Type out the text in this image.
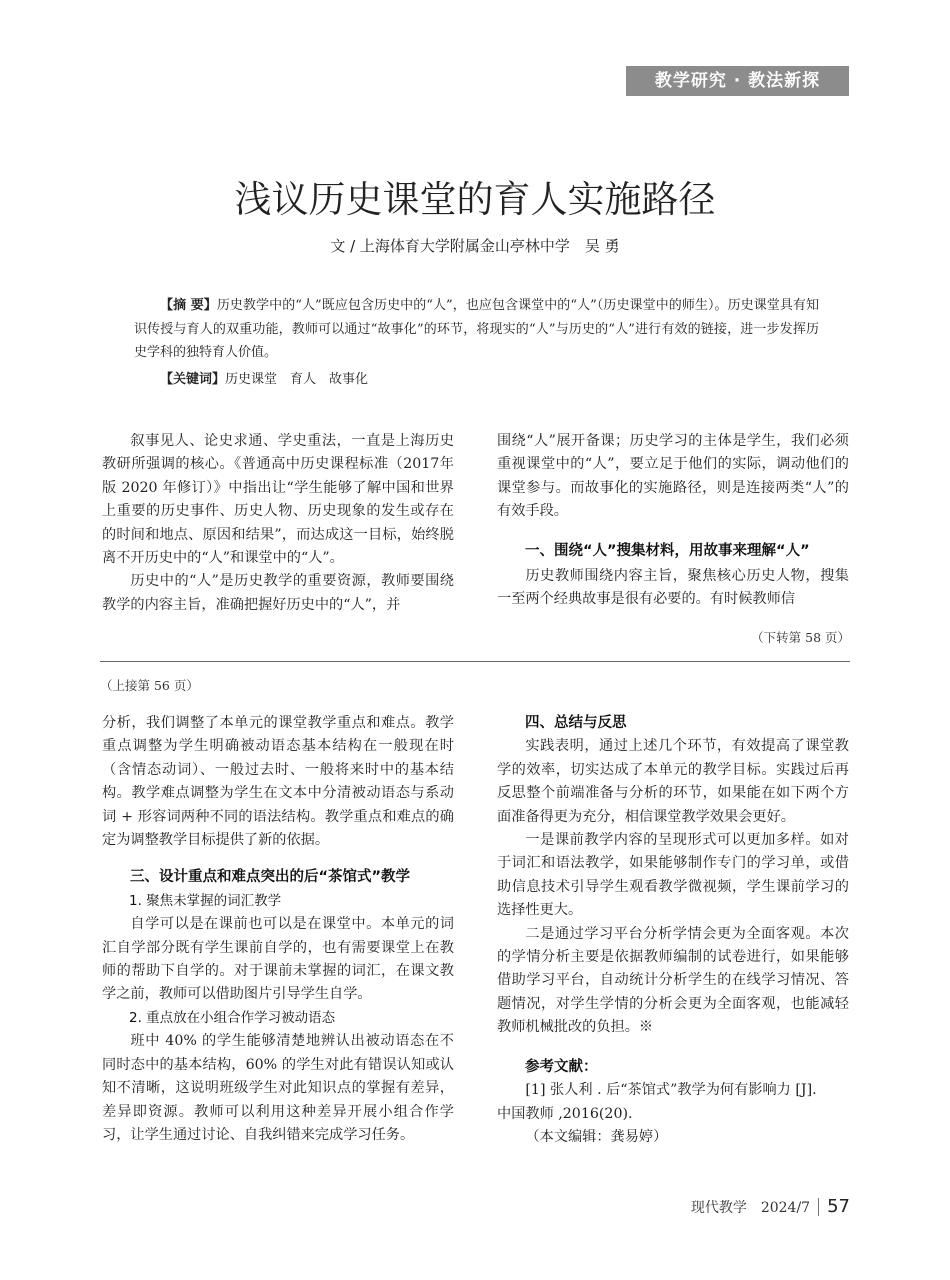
教学研究 · 教法新探
浅议历史课堂的育人实施路径
文 / 上海体育大学附属金山亭林中学　吴 勇
【摘 要】历史教学中的“人”既应包含历史中的“人”，也应包含课堂中的“人”（历史课堂中的师生）。历史课堂具有知识传授与育人的双重功能，教师可以通过“故事化”的环节，将现实的“人”与历史的“人”进行有效的链接，进一步发挥历史学科的独特育人价值。
【关键词】历史课堂　育人　故事化

叙事见人、论史求通、学史重法，一直是上海历史教研所强调的核心。《普通高中历史课程标准（2017年版 2020 年修订）》中指出让“学生能够了解中国和世界上重要的历史事件、历史人物、历史现象的发生或存在的时间和地点、原因和结果”，而达成这一目标，始终脱离不开历史中的“人”和课堂中的“人”。

历史中的“人”是历史教学的重要资源，教师要围绕教学的内容主旨，准确把握好历史中的“人”，并

围绕“人”展开备课；历史学习的主体是学生，我们必须重视课堂中的“人”，要立足于他们的实际，调动他们的课堂参与。而故事化的实施路径，则是连接两类“人”的有效手段。

一、围绕“人”搜集材料，用故事来理解“人”

历史教师围绕内容主旨，聚焦核心历史人物，搜集一至两个经典故事是很有必要的。有时候教师信

（下转第 58 页）
（上接第 56 页）

分析，我们调整了本单元的课堂教学重点和难点。教学重点调整为学生明确被动语态基本结构在一般现在时（含情态动词）、一般过去时、一般将来时中的基本结构。教学难点调整为学生在文本中分清被动语态与系动词 + 形容词两种不同的语法结构。教学重点和难点的确定为调整教学目标提供了新的依据。

三、设计重点和难点突出的后“茶馆式”教学
1. 聚焦未掌握的词汇教学

自学可以是在课前也可以是在课堂中。本单元的词汇自学部分既有学生课前自学的，也有需要课堂上在教师的帮助下自学的。对于课前未掌握的词汇，在课文教学之前，教师可以借助图片引导学生自学。

2. 重点放在小组合作学习被动语态

班中 40% 的学生能够清楚地辨认出被动语态在不同时态中的基本结构，60% 的学生对此有错误认知或认知不清晰，这说明班级学生对此知识点的掌握有差异，差异即资源。教师可以利用这种差异开展小组合作学习，让学生通过讨论、自我纠错来完成学习任务。

四、总结与反思

实践表明，通过上述几个环节，有效提高了课堂教学的效率，切实达成了本单元的教学目标。实践过后再反思整个前端准备与分析的环节，如果能在如下两个方面准备得更为充分，相信课堂教学效果会更好。

一是课前教学内容的呈现形式可以更加多样。如对于词汇和语法教学，如果能够制作专门的学习单，或借助信息技术引导学生观看教学微视频，学生课前学习的选择性更大。

二是通过学习平台分析学情会更为全面客观。本次的学情分析主要是依据教师编制的试卷进行，如果能够借助学习平台，自动统计分析学生的在线学习情况、答题情况，对学生学情的分析会更为全面客观，也能减轻教师机械批改的负担。※

参考文献：

[1] 张人利 . 后“茶馆式”教学为何有影响力 [J].

中国教师 ,2016(20).

（本文编辑：龚易婷）

现代教学　2024/7 57
